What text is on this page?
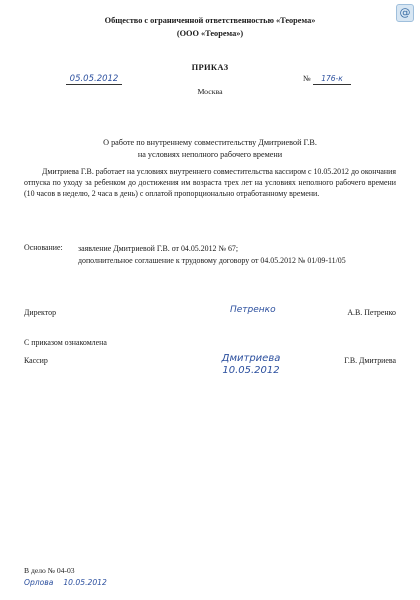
@
Общество с ограниченной ответственностью «Теорема»
(ООО «Теорема»)
ПРИКАЗ
05.05.2012	№	176-к
Москва
О работе по внутреннему совместительству Дмитриевой Г.В.
на условиях неполного рабочего времени
Дмитриева Г.В. работает на условиях внутреннего совместительства кассиром с 10.05.2012 до окончания отпуска по уходу за ребенком до достижения им возраста трех лет на условиях неполного рабочего времени (10 часов в неделю, 2 часа в день) с оплатой пропорционально отработанному времени.
Основание: заявление Дмитриевой Г.В. от 04.05.2012 № 67;
дополнительное соглашение к трудовому договору от 04.05.2012 № 01/09-11/05
Директор	Петренко	А.В. Петренко
С приказом ознакомлена
Кассир	Г.В. Дмитриева
Дмитриева
10.05.2012
В дело № 04-03
Орлова 10.05.2012
